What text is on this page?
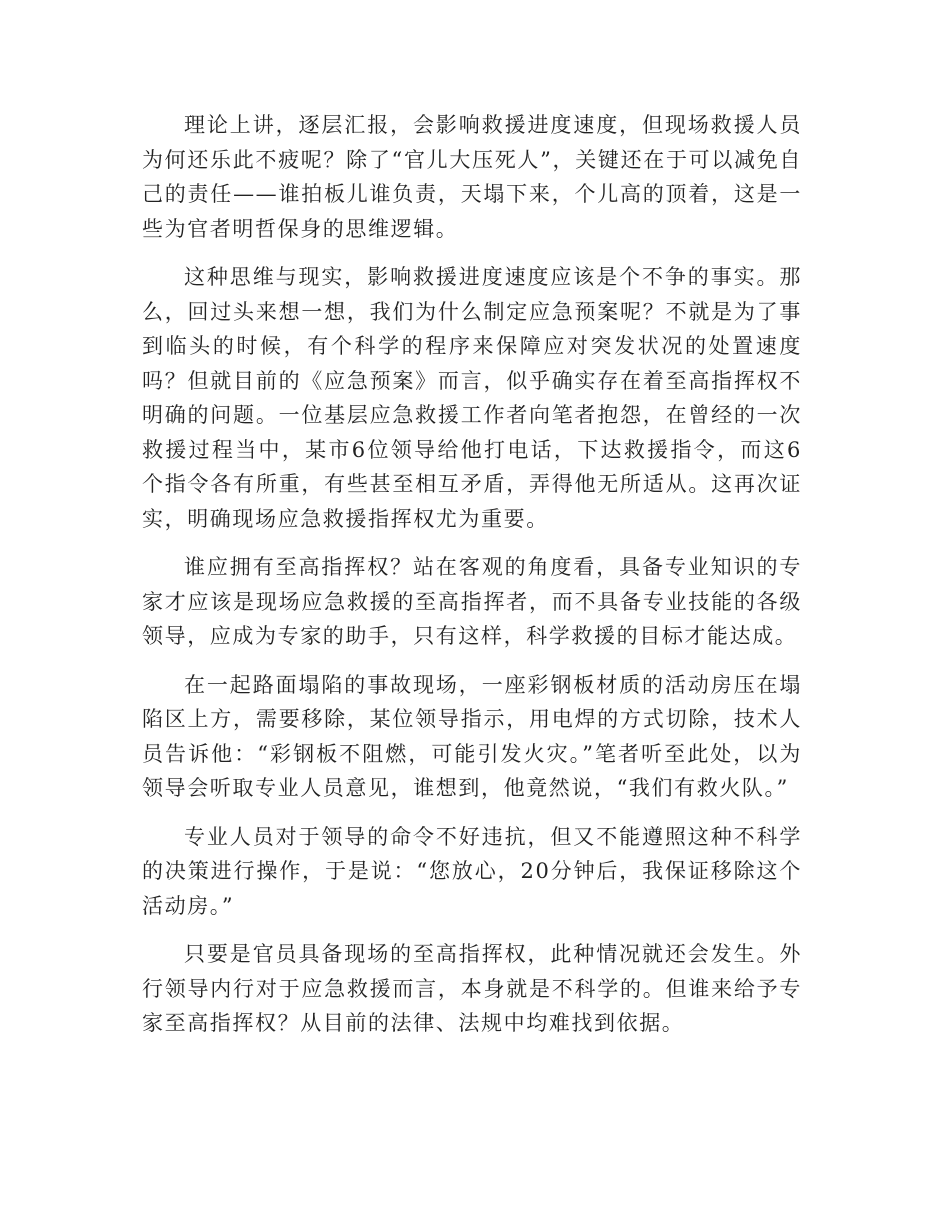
理论上讲，逐层汇报，会影响救援进度速度，但现场救援人员为何还乐此不疲呢？除了“官儿大压死人”，关键还在于可以减免自己的责任——谁拍板儿谁负责，天塌下来，个儿高的顶着，这是一些为官者明哲保身的思维逻辑。

这种思维与现实，影响救援进度速度应该是个不争的事实。那么，回过头来想一想，我们为什么制定应急预案呢？不就是为了事到临头的时候，有个科学的程序来保障应对突发状况的处置速度吗？但就目前的《应急预案》而言，似乎确实存在着至高指挥权不明确的问题。一位基层应急救援工作者向笔者抱怨，在曾经的一次救援过程当中，某市6位领导给他打电话，下达救援指令，而这6个指令各有所重，有些甚至相互矛盾，弄得他无所适从。这再次证实，明确现场应急救援指挥权尤为重要。

谁应拥有至高指挥权？站在客观的角度看，具备专业知识的专家才应该是现场应急救援的至高指挥者，而不具备专业技能的各级领导，应成为专家的助手，只有这样，科学救援的目标才能达成。

在一起路面塌陷的事故现场，一座彩钢板材质的活动房压在塌陷区上方，需要移除，某位领导指示，用电焊的方式切除，技术人员告诉他：“彩钢板不阻燃，可能引发火灾。”笔者听至此处，以为领导会听取专业人员意见，谁想到，他竟然说，“我们有救火队。”

专业人员对于领导的命令不好违抗，但又不能遵照这种不科学的决策进行操作，于是说：“您放心，20分钟后，我保证移除这个活动房。”

只要是官员具备现场的至高指挥权，此种情况就还会发生。外行领导内行对于应急救援而言，本身就是不科学的。但谁来给予专家至高指挥权？从目前的法律、法规中均难找到依据。
